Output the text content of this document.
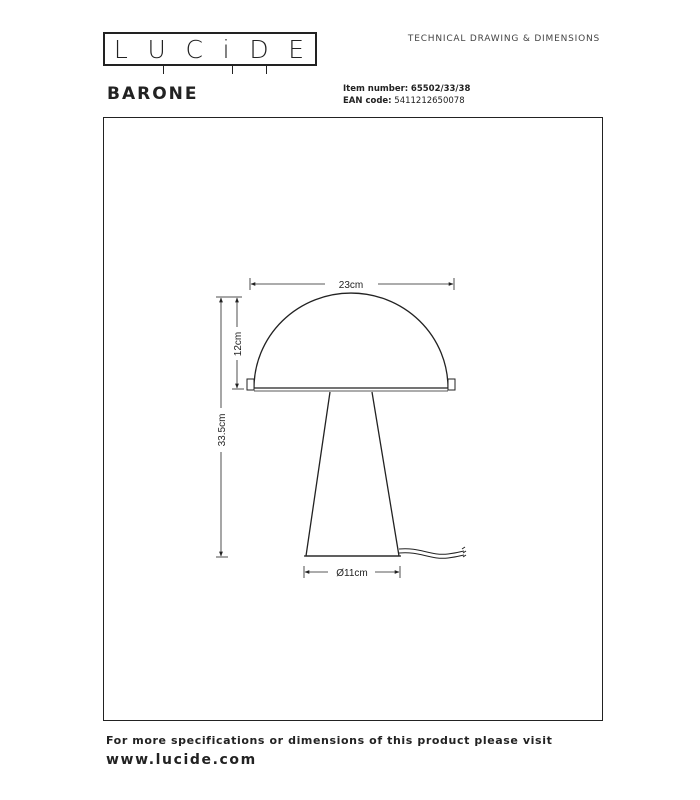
L U C i D E	TECHNICAL DRAWING & DIMENSIONS
BARONE	Item number: 65502/33/38
EAN code: 5411212650078
23cm
12cm
33.5cm
Ø11cm
For more specifications or dimensions of this product please visit
www.lucide.com
